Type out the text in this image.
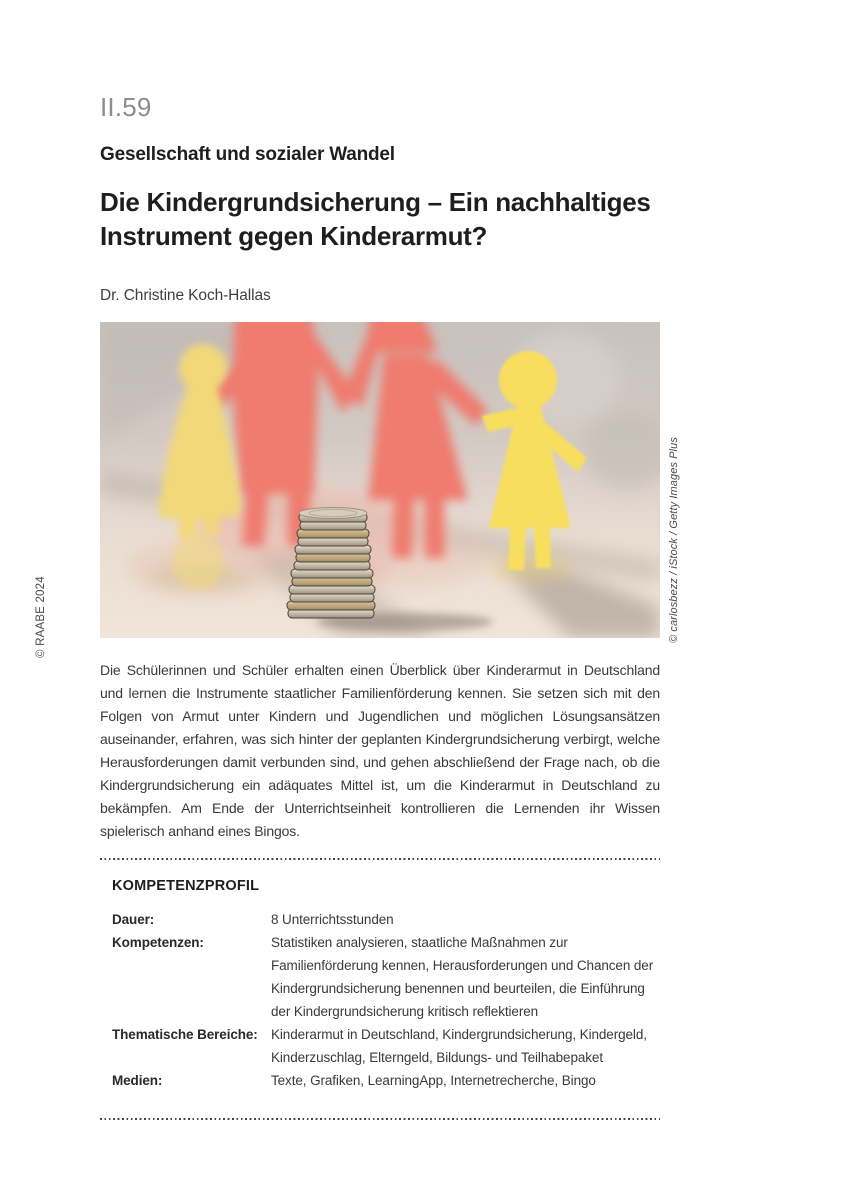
II.59
Gesellschaft und sozialer Wandel
Die Kindergrundsicherung – Ein nachhaltiges
Instrument gegen Kinderarmut?
Dr. Christine Koch-Hallas
© carlosbezz / iStock / Getty Images Plus
© RAABE 2024

Die Schülerinnen und Schüler erhalten einen Überblick über Kinderarmut in Deutschland und lernen die Instrumente staatlicher Familienförderung kennen. Sie setzen sich mit den Folgen von Armut unter Kindern und Jugendlichen und möglichen Lösungsansätzen auseinander, erfahren, was sich hinter der geplanten Kindergrundsicherung verbirgt, welche Herausforderungen damit verbunden sind, und gehen abschließend der Frage nach, ob die Kindergrundsicherung ein adäquates Mittel ist, um die Kinderarmut in Deutschland zu bekämpfen. Am Ende der Unterrichtseinheit kontrollieren die Lernenden ihr Wissen spielerisch anhand eines Bingos.

KOMPETENZPROFIL
Dauer:	8 Unterrichtsstunden
Kompetenzen:	Statistiken analysieren, staatliche Maßnahmen zur Familienförderung kennen, Herausforderungen und Chancen der Kindergrundsicherung benennen und beurteilen, die Einführung der Kindergrundsicherung kritisch reflektieren
Thematische Bereiche: Kinderarmut in Deutschland, Kindergrundsicherung, Kindergeld, Kinderzuschlag, Elterngeld, Bildungs- und Teilhabepaket
Medien:	Texte, Grafiken, LearningApp, Internetrecherche, Bingo
